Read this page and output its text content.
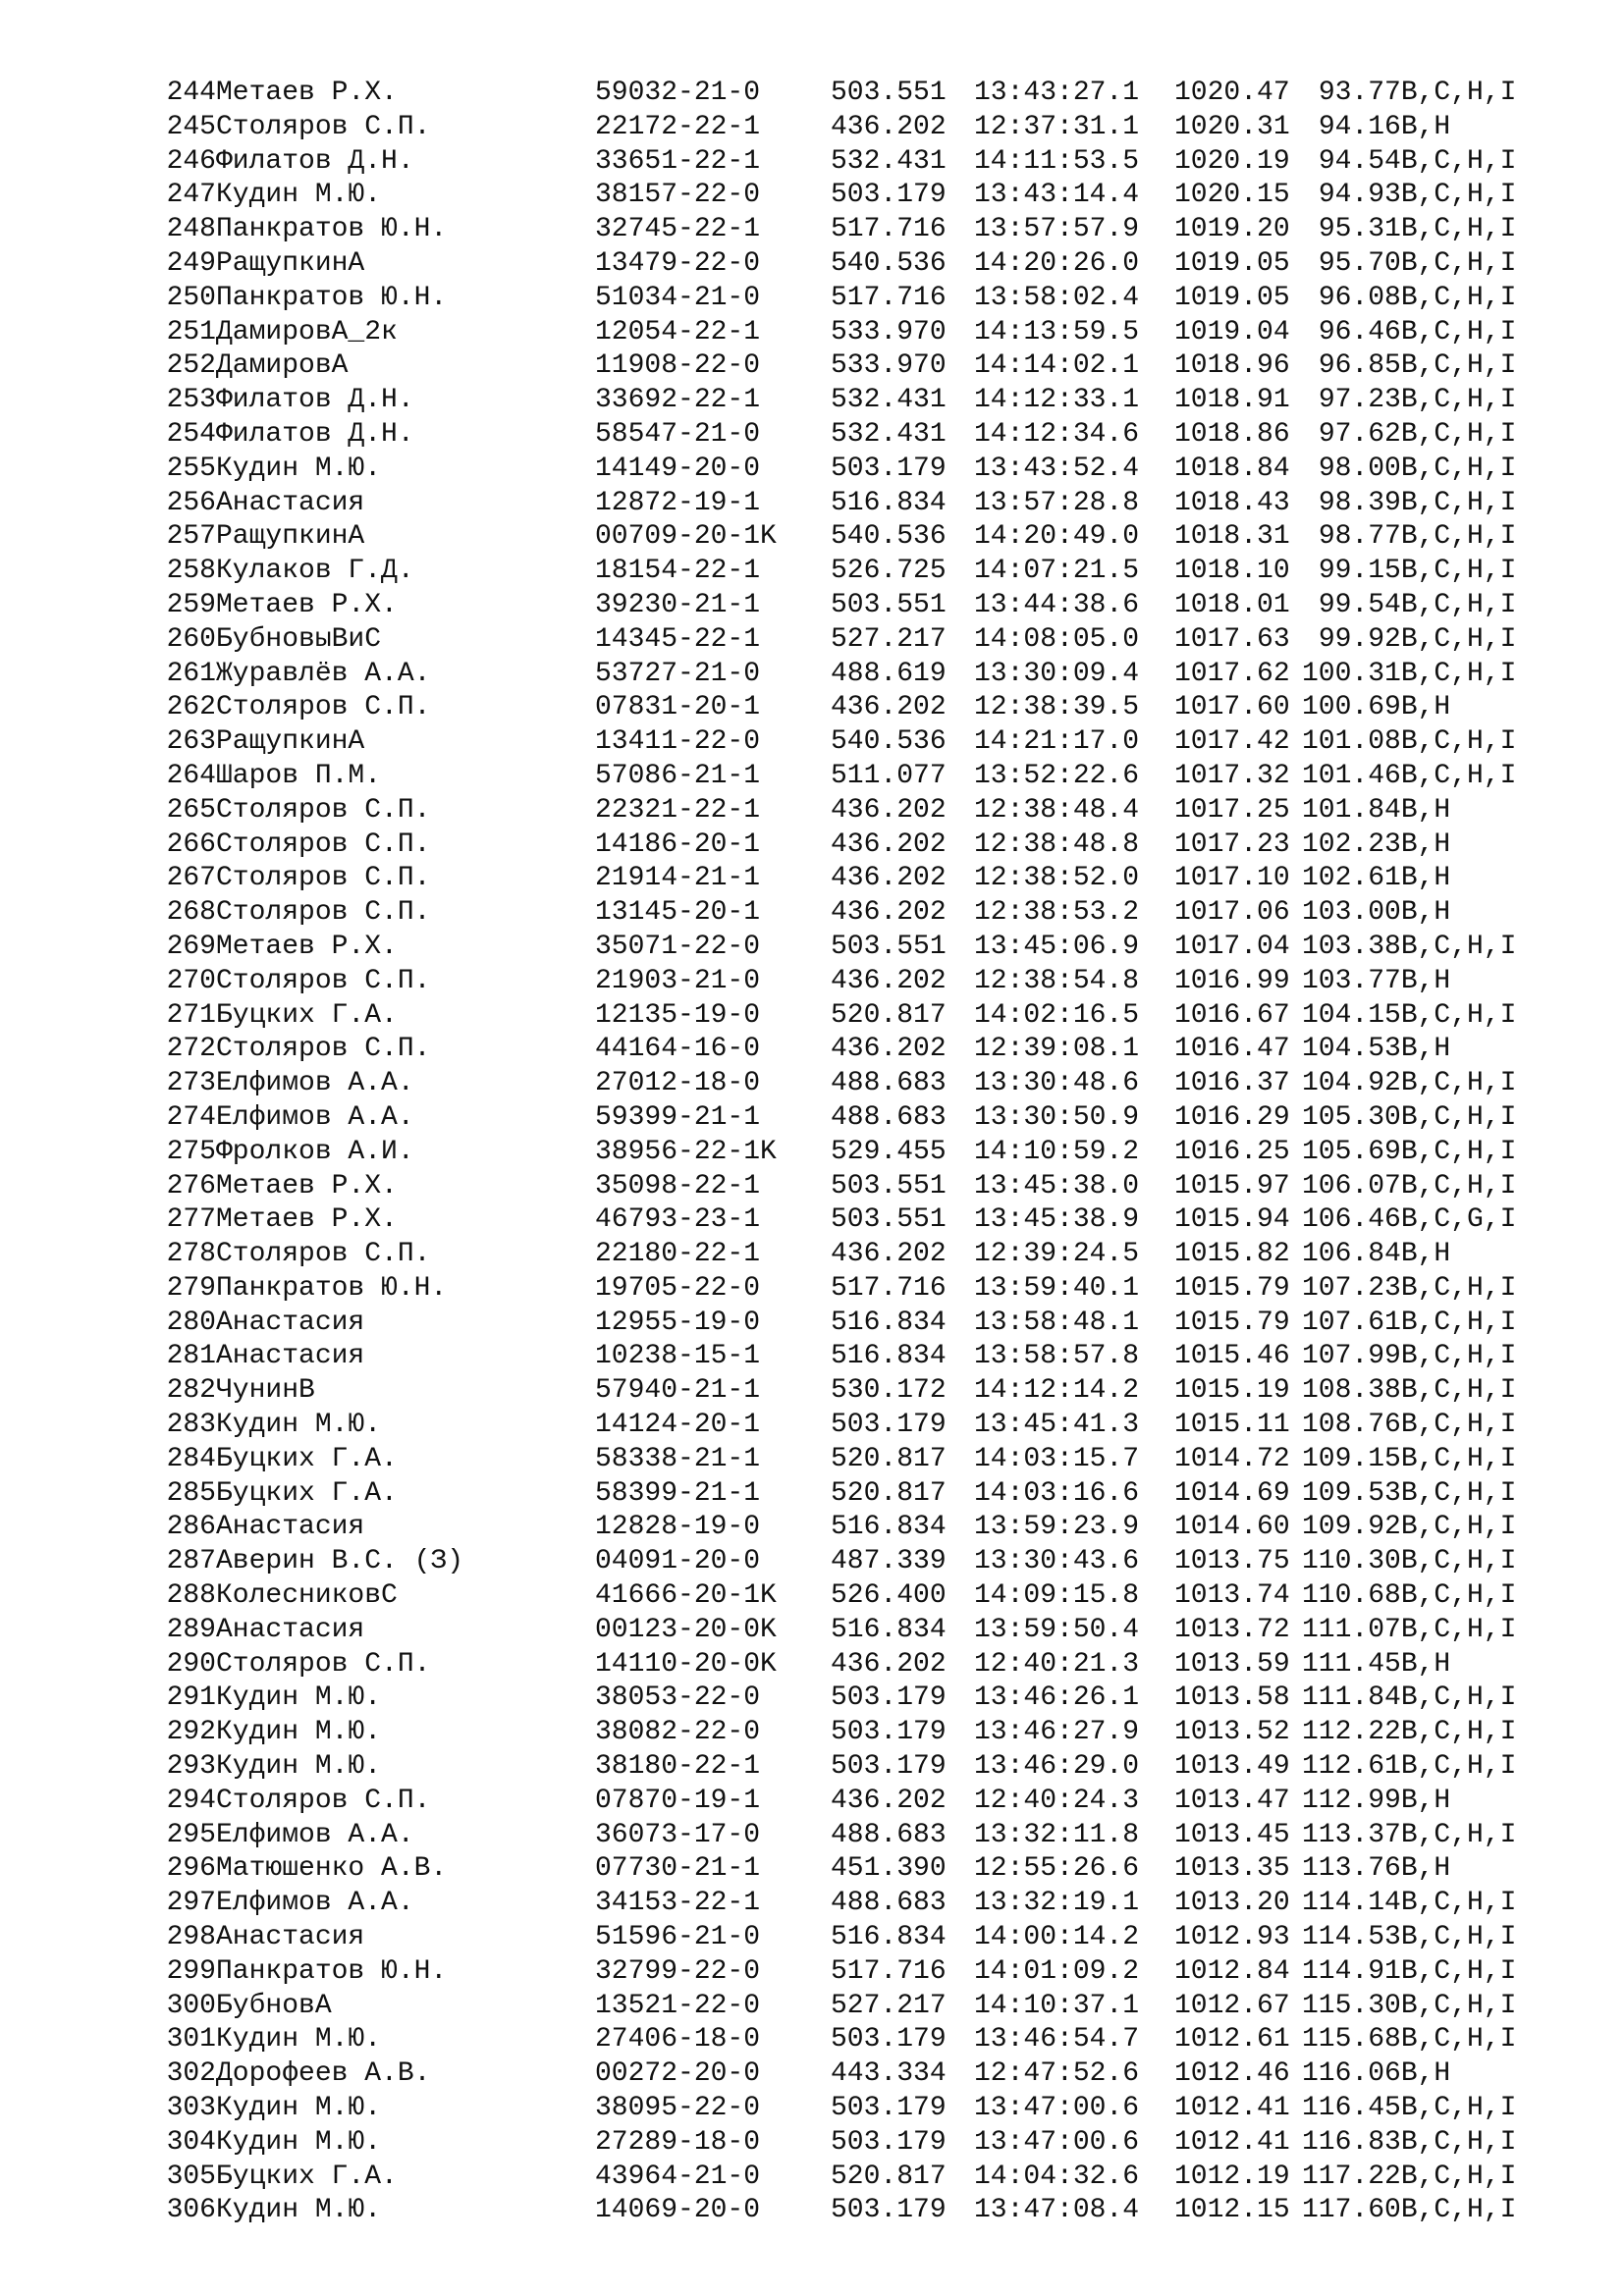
244	Метаев Р.Х.	59032-21-0	503.551	13:43:27.1	1020.47	93.77	B,C,H,I
245	Столяров С.П.	22172-22-1	436.202	12:37:31.1	1020.31	94.16	B,H
246	Филатов Д.Н.	33651-22-1	532.431	14:11:53.5	1020.19	94.54	B,C,H,I
247	Кудин М.Ю.	38157-22-0	503.179	13:43:14.4	1020.15	94.93	B,C,H,I
248	Панкратов Ю.Н.	32745-22-1	517.716	13:57:57.9	1019.20	95.31	B,C,H,I
249	РащупкинА	13479-22-0	540.536	14:20:26.0	1019.05	95.70	B,C,H,I
250	Панкратов Ю.Н.	51034-21-0	517.716	13:58:02.4	1019.05	96.08	B,C,H,I
251	ДамировА_2к	12054-22-1	533.970	14:13:59.5	1019.04	96.46	B,C,H,I
252	ДамировА	11908-22-0	533.970	14:14:02.1	1018.96	96.85	B,C,H,I
253	Филатов Д.Н.	33692-22-1	532.431	14:12:33.1	1018.91	97.23	B,C,H,I
254	Филатов Д.Н.	58547-21-0	532.431	14:12:34.6	1018.86	97.62	B,C,H,I
255	Кудин М.Ю.	14149-20-0	503.179	13:43:52.4	1018.84	98.00	B,C,H,I
256	Анастасия	12872-19-1	516.834	13:57:28.8	1018.43	98.39	B,C,H,I
257	РащупкинА	00709-20-1K	540.536	14:20:49.0	1018.31	98.77	B,C,H,I
258	Кулаков Г.Д.	18154-22-1	526.725	14:07:21.5	1018.10	99.15	B,C,H,I
259	Метаев Р.Х.	39230-21-1	503.551	13:44:38.6	1018.01	99.54	B,C,H,I
260	БубновыВиС	14345-22-1	527.217	14:08:05.0	1017.63	99.92	B,C,H,I
261	Журавлёв А.А.	53727-21-0	488.619	13:30:09.4	1017.62	100.31	B,C,H,I
262	Столяров С.П.	07831-20-1	436.202	12:38:39.5	1017.60	100.69	B,H
263	РащупкинА	13411-22-0	540.536	14:21:17.0	1017.42	101.08	B,C,H,I
264	Шаров П.М.	57086-21-1	511.077	13:52:22.6	1017.32	101.46	B,C,H,I
265	Столяров С.П.	22321-22-1	436.202	12:38:48.4	1017.25	101.84	B,H
266	Столяров С.П.	14186-20-1	436.202	12:38:48.8	1017.23	102.23	B,H
267	Столяров С.П.	21914-21-1	436.202	12:38:52.0	1017.10	102.61	B,H
268	Столяров С.П.	13145-20-1	436.202	12:38:53.2	1017.06	103.00	B,H
269	Метаев Р.Х.	35071-22-0	503.551	13:45:06.9	1017.04	103.38	B,C,H,I
270	Столяров С.П.	21903-21-0	436.202	12:38:54.8	1016.99	103.77	B,H
271	Буцких Г.А.	12135-19-0	520.817	14:02:16.5	1016.67	104.15	B,C,H,I
272	Столяров С.П.	44164-16-0	436.202	12:39:08.1	1016.47	104.53	B,H
273	Елфимов А.А.	27012-18-0	488.683	13:30:48.6	1016.37	104.92	B,C,H,I
274	Елфимов А.А.	59399-21-1	488.683	13:30:50.9	1016.29	105.30	B,C,H,I
275	Фролков А.И.	38956-22-1K	529.455	14:10:59.2	1016.25	105.69	B,C,H,I
276	Метаев Р.Х.	35098-22-1	503.551	13:45:38.0	1015.97	106.07	B,C,H,I
277	Метаев Р.Х.	46793-23-1	503.551	13:45:38.9	1015.94	106.46	B,C,G,I
278	Столяров С.П.	22180-22-1	436.202	12:39:24.5	1015.82	106.84	B,H
279	Панкратов Ю.Н.	19705-22-0	517.716	13:59:40.1	1015.79	107.23	B,C,H,I
280	Анастасия	12955-19-0	516.834	13:58:48.1	1015.79	107.61	B,C,H,I
281	Анастасия	10238-15-1	516.834	13:58:57.8	1015.46	107.99	B,C,H,I
282	ЧунинВ	57940-21-1	530.172	14:12:14.2	1015.19	108.38	B,C,H,I
283	Кудин М.Ю.	14124-20-1	503.179	13:45:41.3	1015.11	108.76	B,C,H,I
284	Буцких Г.А.	58338-21-1	520.817	14:03:15.7	1014.72	109.15	B,C,H,I
285	Буцких Г.А.	58399-21-1	520.817	14:03:16.6	1014.69	109.53	B,C,H,I
286	Анастасия	12828-19-0	516.834	13:59:23.9	1014.60	109.92	B,C,H,I
287	Аверин В.С. (З)	04091-20-0	487.339	13:30:43.6	1013.75	110.30	B,C,H,I
288	КолесниковС	41666-20-1K	526.400	14:09:15.8	1013.74	110.68	B,C,H,I
289	Анастасия	00123-20-0K	516.834	13:59:50.4	1013.72	111.07	B,C,H,I
290	Столяров С.П.	14110-20-0K	436.202	12:40:21.3	1013.59	111.45	B,H
291	Кудин М.Ю.	38053-22-0	503.179	13:46:26.1	1013.58	111.84	B,C,H,I
292	Кудин М.Ю.	38082-22-0	503.179	13:46:27.9	1013.52	112.22	B,C,H,I
293	Кудин М.Ю.	38180-22-1	503.179	13:46:29.0	1013.49	112.61	B,C,H,I
294	Столяров С.П.	07870-19-1	436.202	12:40:24.3	1013.47	112.99	B,H
295	Елфимов А.А.	36073-17-0	488.683	13:32:11.8	1013.45	113.37	B,C,H,I
296	Матюшенко А.В.	07730-21-1	451.390	12:55:26.6	1013.35	113.76	B,H
297	Елфимов А.А.	34153-22-1	488.683	13:32:19.1	1013.20	114.14	B,C,H,I
298	Анастасия	51596-21-0	516.834	14:00:14.2	1012.93	114.53	B,C,H,I
299	Панкратов Ю.Н.	32799-22-0	517.716	14:01:09.2	1012.84	114.91	B,C,H,I
300	БубновА	13521-22-0	527.217	14:10:37.1	1012.67	115.30	B,C,H,I
301	Кудин М.Ю.	27406-18-0	503.179	13:46:54.7	1012.61	115.68	B,C,H,I
302	Дорофеев А.В.	00272-20-0	443.334	12:47:52.6	1012.46	116.06	B,H
303	Кудин М.Ю.	38095-22-0	503.179	13:47:00.6	1012.41	116.45	B,C,H,I
304	Кудин М.Ю.	27289-18-0	503.179	13:47:00.6	1012.41	116.83	B,C,H,I
305	Буцких Г.А.	43964-21-0	520.817	14:04:32.6	1012.19	117.22	B,C,H,I
306	Кудин М.Ю.	14069-20-0	503.179	13:47:08.4	1012.15	117.60	B,C,H,I
